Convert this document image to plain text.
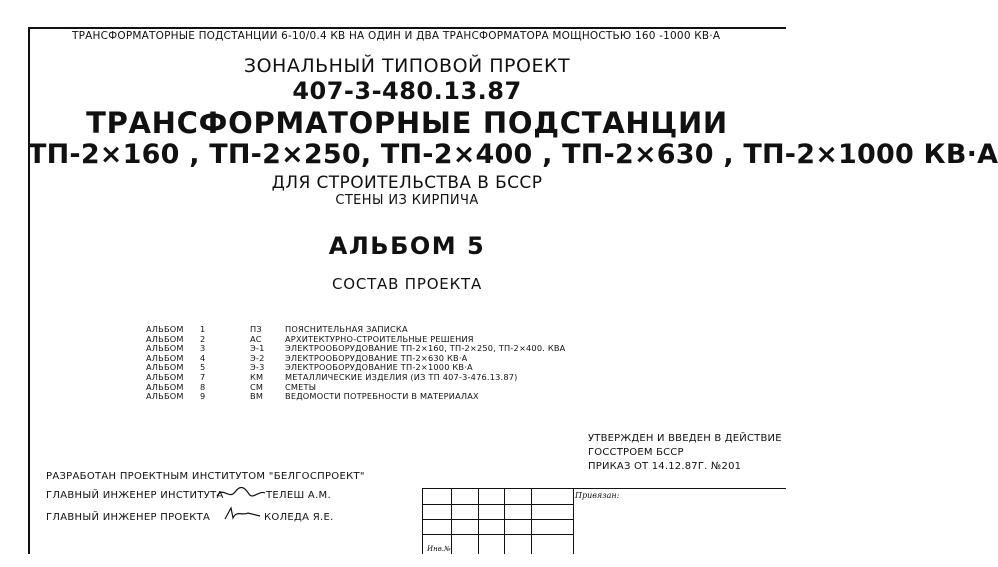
ТРАНСФОРМАТОРНЫЕ ПОДСТАНЦИИ 6-10/0.4 КВ НА ОДИН И ДВА ТРАНСФОРМАТОРА МОЩНОСТЬЮ 160 -1000 КВ·А
ЗОНАЛЬНЫЙ ТИПОВОЙ ПРОЕКТ
407-3-480.13.87
ТРАНСФОРМАТОРНЫЕ ПОДСТАНЦИИ
ТП-2×160 , ТП-2×250, ТП-2×400 , ТП-2×630 , ТП-2×1000 КВ·А
ДЛЯ СТРОИТЕЛЬСТВА В БССР
СТЕНЫ ИЗ КИРПИЧА
АЛЬБОМ 5
СОСТАВ ПРОЕКТА
АЛЬБОМ 1	ПЗ	ПОЯСНИТЕЛЬНАЯ ЗАПИСКА
АЛЬБОМ 2	АС	АРХИТЕКТУРНО-СТРОИТЕЛЬНЫЕ РЕШЕНИЯ
АЛЬБОМ 3	Э-1	ЭЛЕКТРООБОРУДОВАНИЕ ТП-2×160, ТП-2×250, ТП-2×400. КВА
АЛЬБОМ 4	Э-2	ЭЛЕКТРООБОРУДОВАНИЕ ТП-2×630 КВ·А
АЛЬБОМ 5	Э-3	ЭЛЕКТРООБОРУДОВАНИЕ ТП-2×1000 КВ·А
АЛЬБОМ 7	КМ	МЕТАЛЛИЧЕСКИЕ ИЗДЕЛИЯ (ИЗ ТП 407-3-476.13.87)
АЛЬБОМ 8	СМ	СМЕТЫ
АЛЬБОМ 9	ВМ	ВЕДОМОСТИ ПОТРЕБНОСТИ В МАТЕРИАЛАХ
УТВЕРЖДЕН И ВВЕДЕН В ДЕЙСТВИЕ
ГОССТРОЕМ БССР
ПРИКАЗ ОТ 14.12.87Г. №201
РАЗРАБОТАН ПРОЕКТНЫМ ИНСТИТУТОМ "БЕЛГОСПРОЕКТ"
ГЛАВНЫЙ ИНЖЕНЕР ИНСТИТУТА	ТЕЛЕШ А.М.
ГЛАВНЫЙ ИНЖЕНЕР ПРОЕКТА	КОЛЕДА Я.Е.
Привязан:
Инв.№
